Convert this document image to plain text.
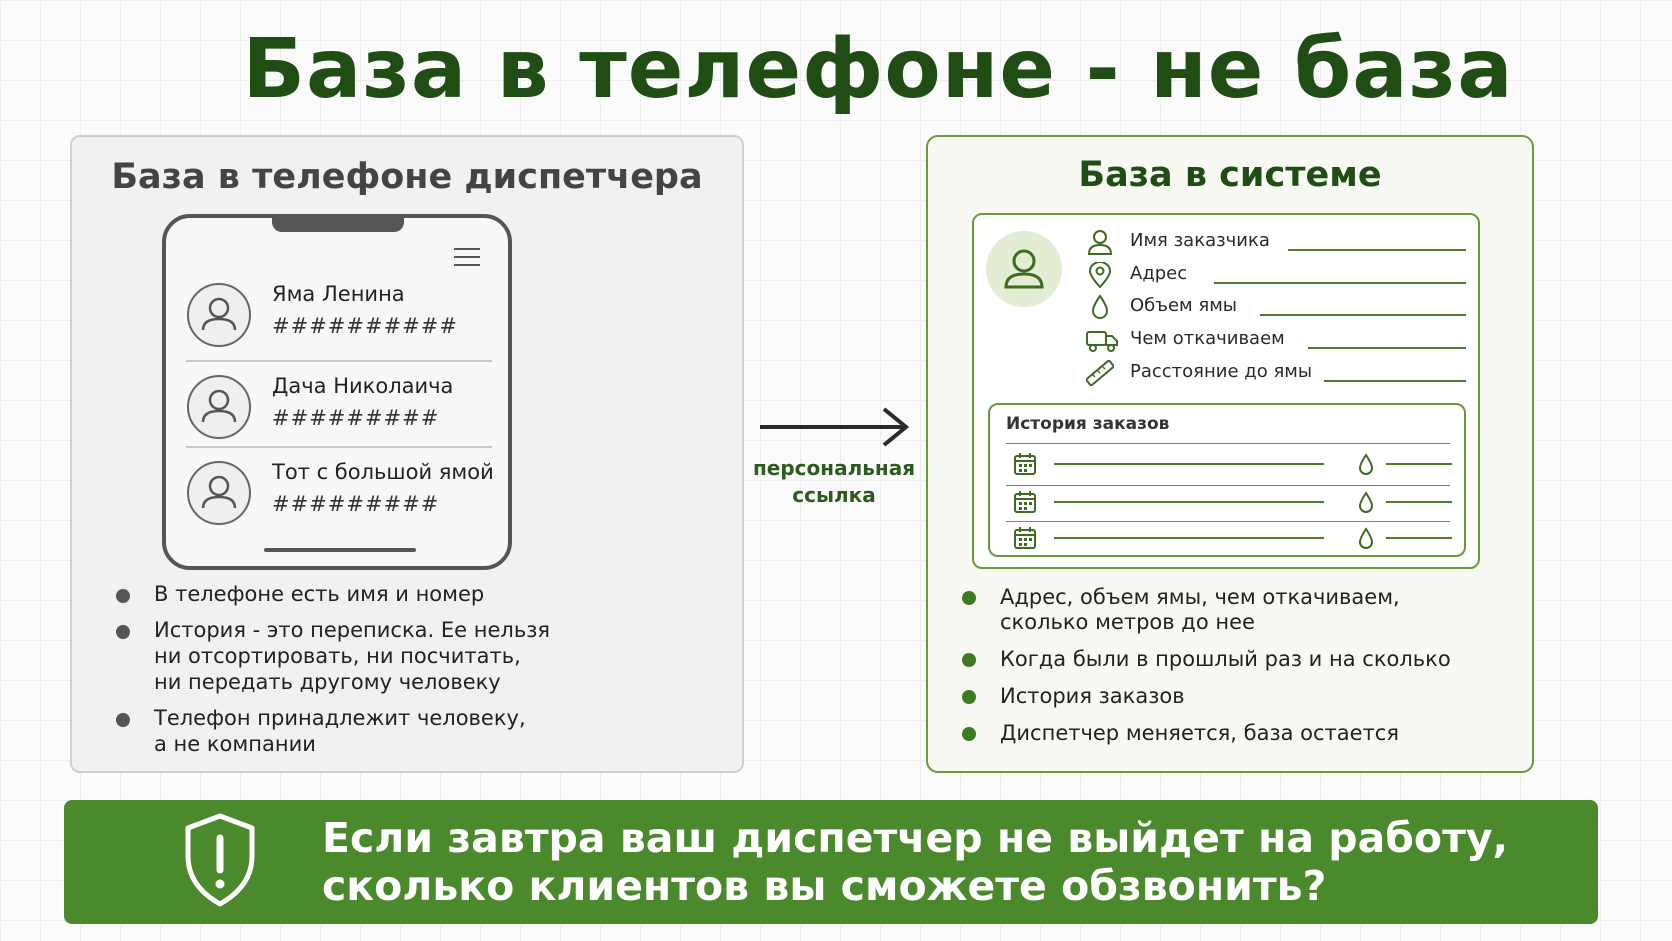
База в телефоне - не база
База в телефоне диспетчера
Яма Ленина
##########
Дача Николаича
#########
Тот с большой ямой
#########
В телефоне есть имя и номер
История - это переписка. Ее нельзя
ни отсортировать, ни посчитать,
ни передать другому человеку
Телефон принадлежит человеку,
а не компании
персональная
ссылка
База в системе
Имя заказчика
Адрес
Объем ямы
Чем откачиваем
Расстояние до ямы
История заказов
Адрес, объем ямы, чем откачиваем,
сколько метров до нее
Когда были в прошлый раз и на сколько
История заказов
Диспетчер меняется, база остается
Если завтра ваш диспетчер не выйдет на работу,
сколько клиентов вы сможете обзвонить?
